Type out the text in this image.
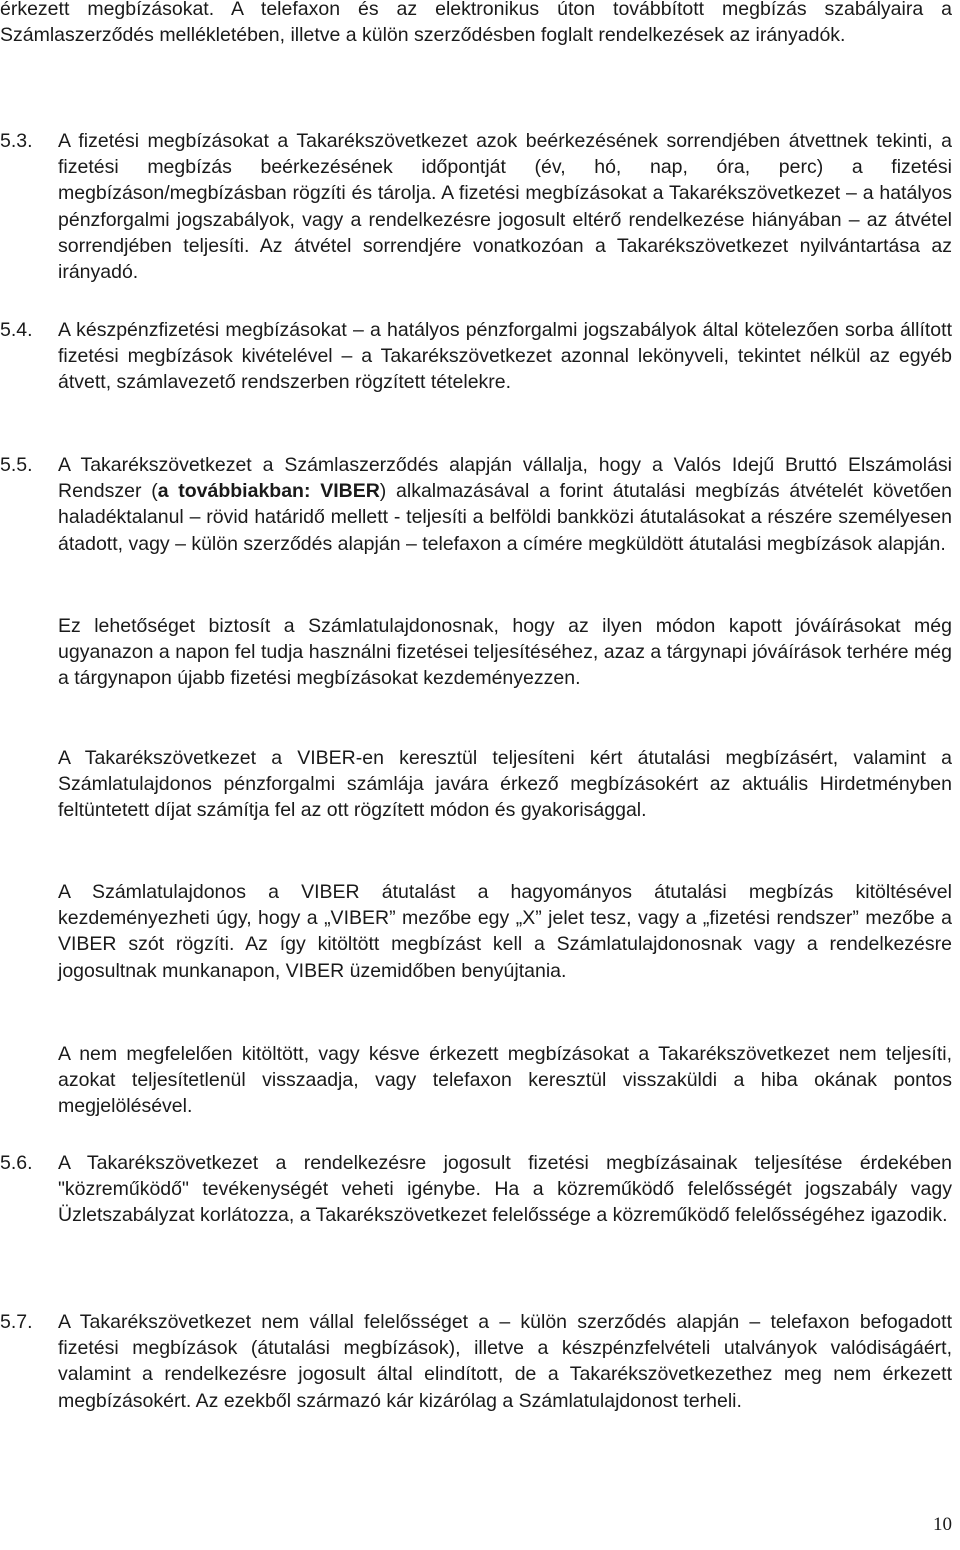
érkezett megbízásokat. A telefaxon és az elektronikus úton továbbított megbízás szabályaira a Számlaszerződés mellékletében, illetve a külön szerződésben foglalt rendelkezések az irányadók.
5.3.	A fizetési megbízásokat a Takarékszövetkezet azok beérkezésének sorrendjében átvettnek tekinti, a fizetési megbízás beérkezésének időpontját (év, hó, nap, óra, perc) a fizetési megbízáson/megbízásban rögzíti és tárolja. A fizetési megbízásokat a Takarékszövetkezet – a hatályos pénzforgalmi jogszabályok, vagy a rendelkezésre jogosult eltérő rendelkezése hiányában – az átvétel sorrendjében teljesíti. Az átvétel sorrendjére vonatkozóan a Takarékszövetkezet nyilvántartása az irányadó.
5.4.	A készpénzfizetési megbízásokat – a hatályos pénzforgalmi jogszabályok által kötelezően sorba állított fizetési megbízások kivételével – a Takarékszövetkezet azonnal lekönyveli, tekintet nélkül az egyéb átvett, számlavezető rendszerben rögzített tételekre.
5.5.	A Takarékszövetkezet a Számlaszerződés alapján vállalja, hogy a Valós Idejű Bruttó Elszámolási Rendszer (a továbbiakban: VIBER) alkalmazásával a forint átutalási megbízás átvételét követően haladéktalanul – rövid határidő mellett - teljesíti a belföldi bankközi átutalásokat a részére személyesen átadott, vagy – külön szerződés alapján – telefaxon a címére megküldött átutalási megbízások alapján.
Ez lehetőséget biztosít a Számlatulajdonosnak, hogy az ilyen módon kapott jóváírásokat még ugyanazon a napon fel tudja használni fizetései teljesítéséhez, azaz a tárgynapi jóváírások terhére még a tárgynapon újabb fizetési megbízásokat kezdeményezzen.
A Takarékszövetkezet a VIBER-en keresztül teljesíteni kért átutalási megbízásért, valamint a Számlatulajdonos pénzforgalmi számlája javára érkező megbízásokért az aktuális Hirdetményben feltüntetett díjat számítja fel az ott rögzített módon és gyakorisággal.
A Számlatulajdonos a VIBER átutalást a hagyományos átutalási megbízás kitöltésével kezdeményezheti úgy, hogy a „VIBER” mezőbe egy „X” jelet tesz, vagy a „fizetési rendszer” mezőbe a VIBER szót rögzíti. Az így kitöltött megbízást kell a Számlatulajdonosnak vagy a rendelkezésre jogosultnak munkanapon, VIBER üzemidőben benyújtania.
A nem megfelelően kitöltött, vagy késve érkezett megbízásokat a Takarékszövetkezet nem teljesíti, azokat teljesítetlenül visszaadja, vagy telefaxon keresztül visszaküldi a hiba okának pontos megjelölésével.
5.6.	A Takarékszövetkezet a rendelkezésre jogosult fizetési megbízásainak teljesítése érdekében "közreműködő" tevékenységét veheti igénybe. Ha a közreműködő felelősségét jogszabály vagy Üzletszabályzat korlátozza, a Takarékszövetkezet felelőssége a közreműködő felelősségéhez igazodik.
5.7.	A Takarékszövetkezet nem vállal felelősséget a – külön szerződés alapján – telefaxon befogadott fizetési megbízások (átutalási megbízások), illetve a készpénzfelvételi utalványok valódiságáért, valamint a rendelkezésre jogosult által elindított, de a Takarékszövetkezethez meg nem érkezett megbízásokért. Az ezekből származó kár kizárólag a Számlatulajdonost terheli.
10
